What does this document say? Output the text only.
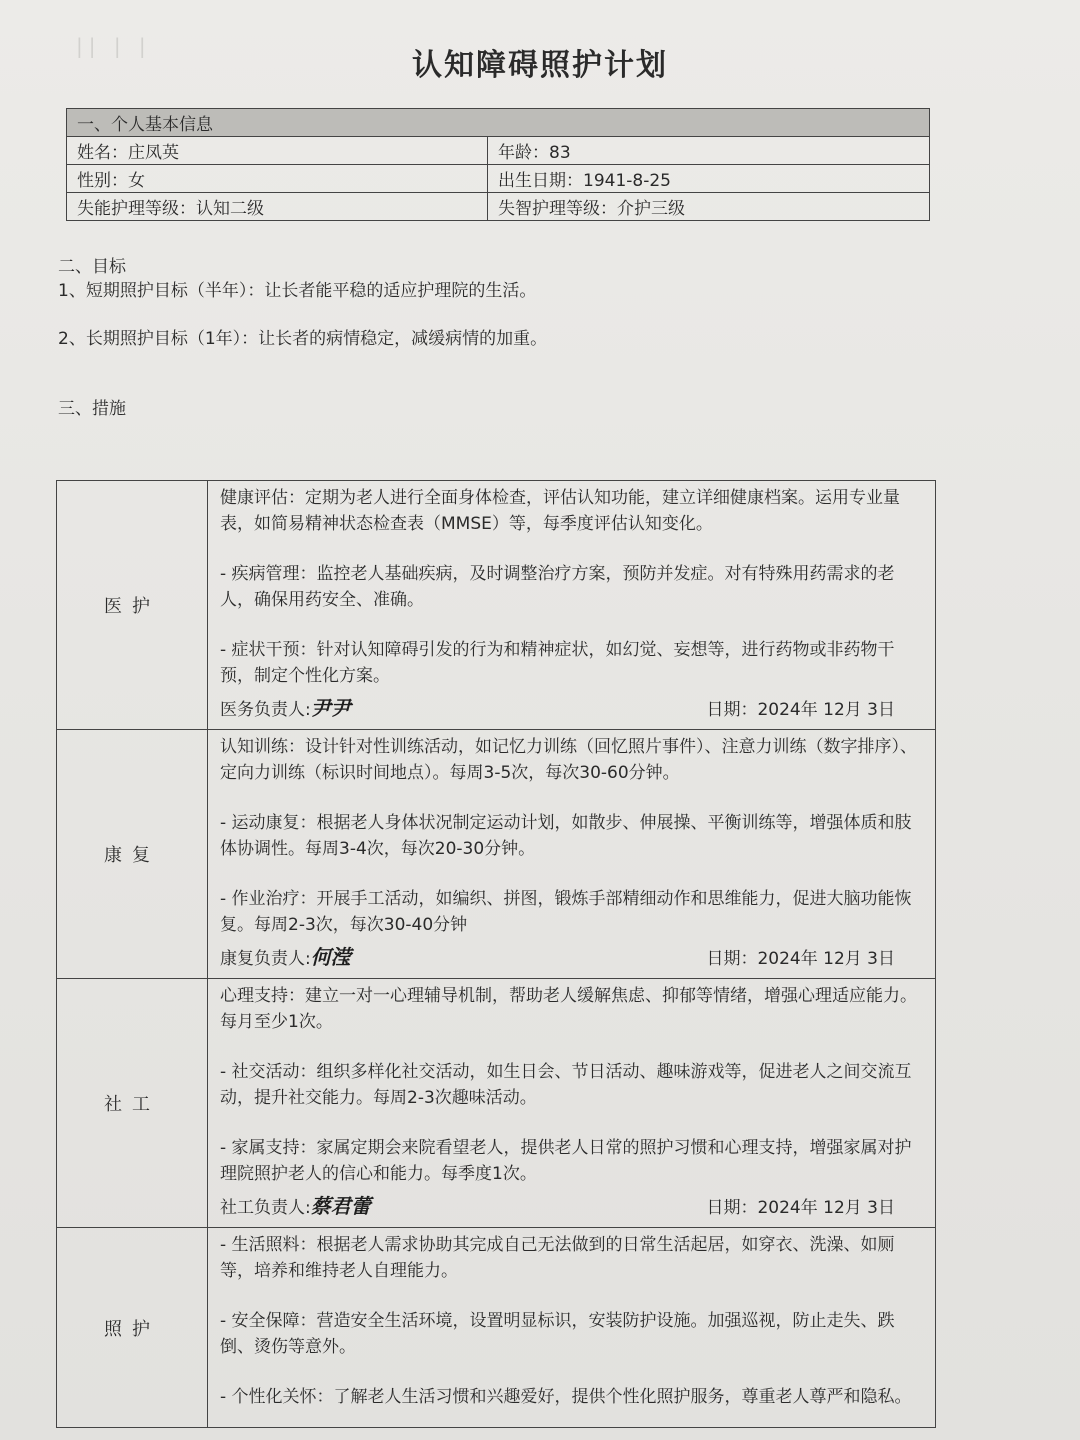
|| | | 　　
认知障碍照护计划
一、个人基本信息	
姓名：庄凤英	年龄：83
性别：女	出生日期：1941-8-25
失能护理等级：认知二级	失智护理等级：介护三级
二、目标
1、短期照护目标（半年）：让长者能平稳的适应护理院的生活。
2、长期照护目标（1年）：让长者的病情稳定，减缓病情的加重。
三、措施
医护	健康评估：定期为老人进行全面身体检查，评估认知功能，建立详细健康档案。运用专业量表，如简易精神状态检查表（MMSE）等，每季度评估认知变化。

- 疾病管理：监控老人基础疾病，及时调整治疗方案，预防并发症。对有特殊用药需求的老人，确保用药安全、准确。

- 症状干预：针对认知障碍引发的行为和精神症状，如幻觉、妄想等，进行药物或非药物干预，制定个性化方案。

医务负责人:尹尹 日期：2024年 12月 3日

康复	认知训练：设计针对性训练活动，如记忆力训练（回忆照片事件）、注意力训练（数字排序）、定向力训练（标识时间地点）。每周3-5次，每次30-60分钟。

- 运动康复：根据老人身体状况制定运动计划，如散步、伸展操、平衡训练等，增强体质和肢体协调性。每周3-4次，每次20-30分钟。

- 作业治疗：开展手工活动，如编织、拼图，锻炼手部精细动作和思维能力，促进大脑功能恢复。每周2-3次，每次30-40分钟

康复负责人:何滢 日期：2024年 12月 3日

社工	心理支持：建立一对一心理辅导机制，帮助老人缓解焦虑、抑郁等情绪，增强心理适应能力。每月至少1次。

- 社交活动：组织多样化社交活动，如生日会、节日活动、趣味游戏等，促进老人之间交流互动，提升社交能力。每周2-3次趣味活动。

- 家属支持：家属定期会来院看望老人，提供老人日常的照护习惯和心理支持，增强家属对护理院照护老人的信心和能力。每季度1次。

社工负责人:蔡君蕾 日期：2024年 12月 3日

照护	- 生活照料：根据老人需求协助其完成自己无法做到的日常生活起居，如穿衣、洗澡、如厕等，培养和维持老人自理能力。

- 安全保障：营造安全生活环境，设置明显标识，安装防护设施。加强巡视，防止走失、跌倒、烫伤等意外。

- 个性化关怀：了解老人生活习惯和兴趣爱好，提供个性化照护服务，尊重老人尊严和隐私。
